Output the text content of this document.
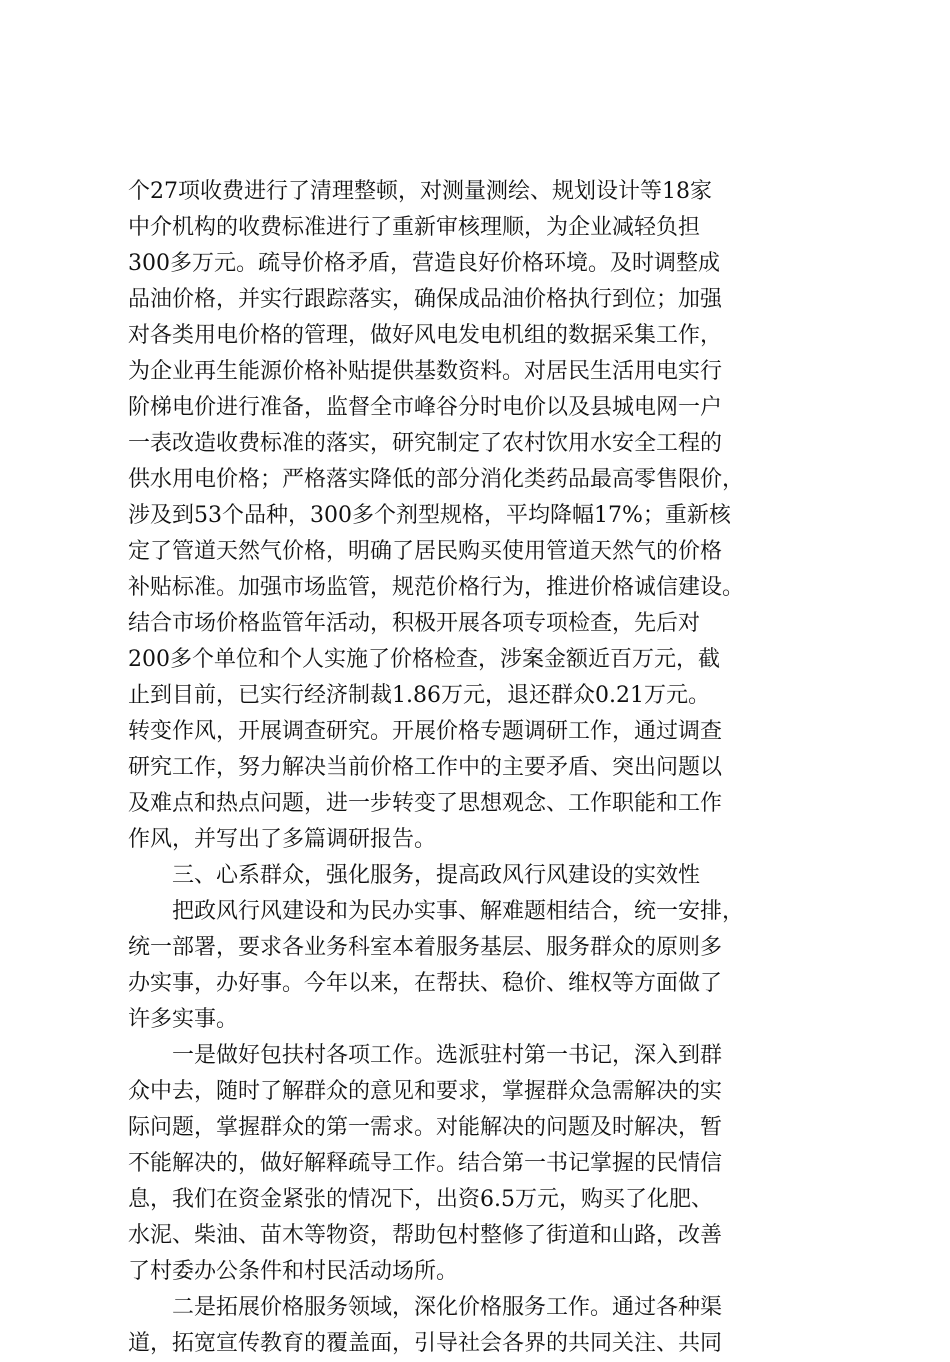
个27项收费进行了清理整顿，对测量测绘、规划设计等18家
中介机构的收费标准进行了重新审核理顺，为企业减轻负担
300多万元。疏导价格矛盾，营造良好价格环境。及时调整成
品油价格，并实行跟踪落实，确保成品油价格执行到位；加强
对各类用电价格的管理，做好风电发电机组的数据采集工作，
为企业再生能源价格补贴提供基数资料。对居民生活用电实行
阶梯电价进行准备，监督全市峰谷分时电价以及县城电网一户
一表改造收费标准的落实，研究制定了农村饮用水安全工程的
供水用电价格；严格落实降低的部分消化类药品最高零售限价，
涉及到53个品种，300多个剂型规格，平均降幅17%；重新核
定了管道天然气价格，明确了居民购买使用管道天然气的价格
补贴标准。加强市场监管，规范价格行为，推进价格诚信建设。
结合市场价格监管年活动，积极开展各项专项检查，先后对
200多个单位和个人实施了价格检查，涉案金额近百万元，截
止到目前，已实行经济制裁1.86万元，退还群众0.21万元。
转变作风，开展调查研究。开展价格专题调研工作，通过调查
研究工作，努力解决当前价格工作中的主要矛盾、突出问题以
及难点和热点问题，进一步转变了思想观念、工作职能和工作
作风，并写出了多篇调研报告。
三、心系群众，强化服务，提高政风行风建设的实效性
把政风行风建设和为民办实事、解难题相结合，统一安排，
统一部署，要求各业务科室本着服务基层、服务群众的原则多
办实事，办好事。今年以来，在帮扶、稳价、维权等方面做了
许多实事。
一是做好包扶村各项工作。选派驻村第一书记，深入到群
众中去，随时了解群众的意见和要求，掌握群众急需解决的实
际问题，掌握群众的第一需求。对能解决的问题及时解决，暂
不能解决的，做好解释疏导工作。结合第一书记掌握的民情信
息，我们在资金紧张的情况下，出资6.5万元，购买了化肥、
水泥、柴油、苗木等物资，帮助包村整修了街道和山路，改善
了村委办公条件和村民活动场所。
二是拓展价格服务领域，深化价格服务工作。通过各种渠
道，拓宽宣传教育的覆盖面，引导社会各界的共同关注、共同
